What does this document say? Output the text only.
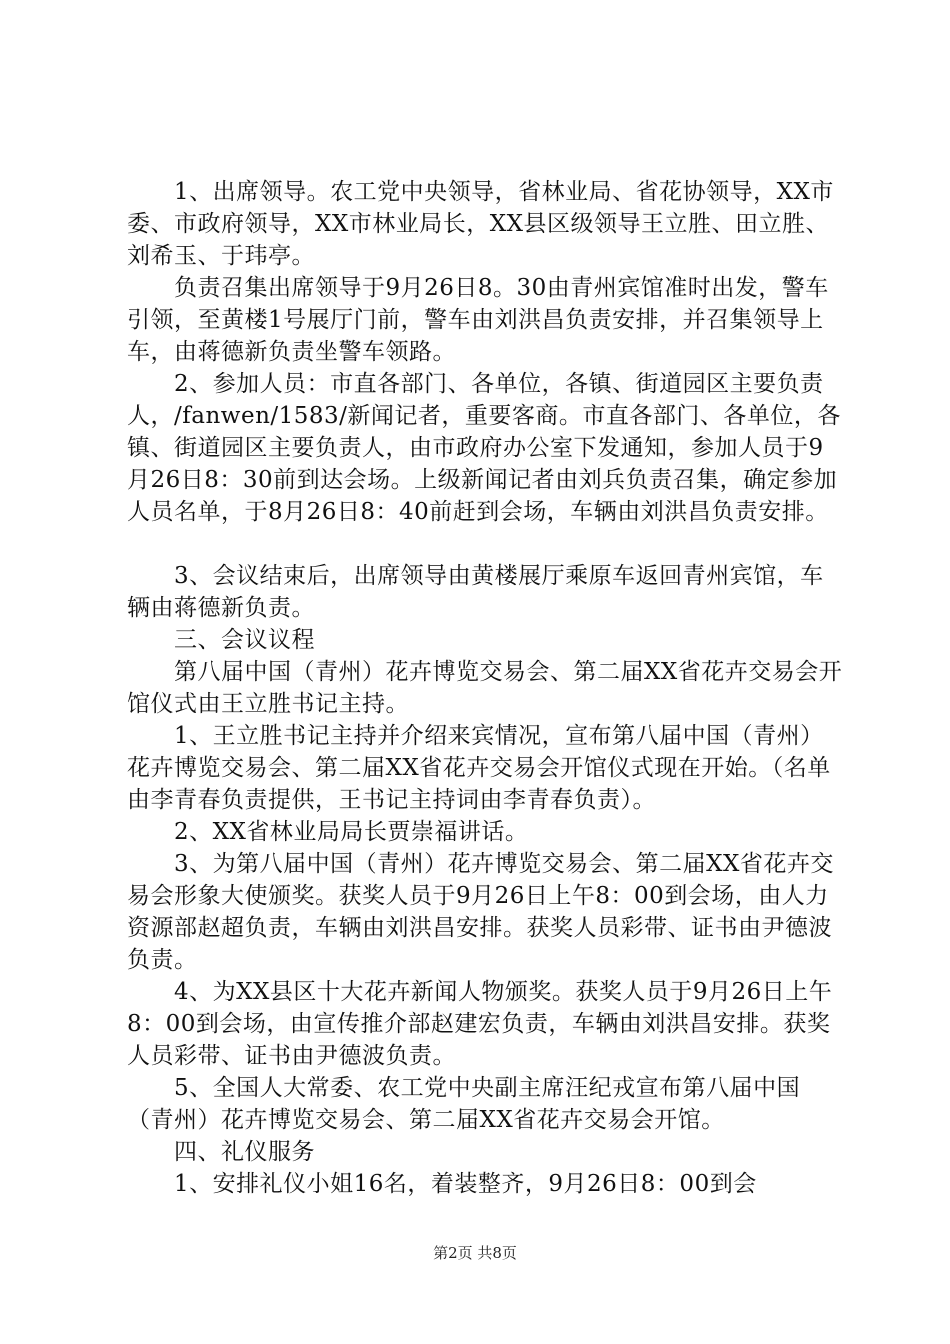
　　1、出席领导。农工党中央领导，省林业局、省花协领导，XX市委、市政府领导，XX市林业局长，XX县区级领导王立胜、田立胜、刘希玉、于玮亭。

　　负责召集出席领导于9月26日8。30由青州宾馆准时出发，警车引领，至黄楼1号展厅门前，警车由刘洪昌负责安排，并召集领导上车，由蒋德新负责坐警车领路。

　　2、参加人员：市直各部门、各单位，各镇、街道园区主要负责人，/fanwen/1583/新闻记者，重要客商。市直各部门、各单位，各镇、街道园区主要负责人，由市政府办公室下发通知，参加人员于9月26日8：30前到达会场。上级新闻记者由刘兵负责召集，确定参加人员名单，于8月26日8：40前赶到会场，车辆由刘洪昌负责安排。

　　3、会议结束后，出席领导由黄楼展厅乘原车返回青州宾馆，车辆由蒋德新负责。

　　三、会议议程

　　第八届中国（青州）花卉博览交易会、第二届XX省花卉交易会开馆仪式由王立胜书记主持。

　　1、王立胜书记主持并介绍来宾情况，宣布第八届中国（青州）花卉博览交易会、第二届XX省花卉交易会开馆仪式现在开始。（名单由李青春负责提供，王书记主持词由李青春负责）。

　　2、XX省林业局局长贾崇福讲话。

　　3、为第八届中国（青州）花卉博览交易会、第二届XX省花卉交易会形象大使颁奖。获奖人员于9月26日上午8：00到会场，由人力资源部赵超负责，车辆由刘洪昌安排。获奖人员彩带、证书由尹德波负责。

　　4、为XX县区十大花卉新闻人物颁奖。获奖人员于9月26日上午8：00到会场，由宣传推介部赵建宏负责，车辆由刘洪昌安排。获奖人员彩带、证书由尹德波负责。

　　5、全国人大常委、农工党中央副主席汪纪戎宣布第八届中国（青州）花卉博览交易会、第二届XX省花卉交易会开馆。

　　四、礼仪服务

　　1、安排礼仪小姐16名，着装整齐，9月26日8：00到会

第2页 共8页
